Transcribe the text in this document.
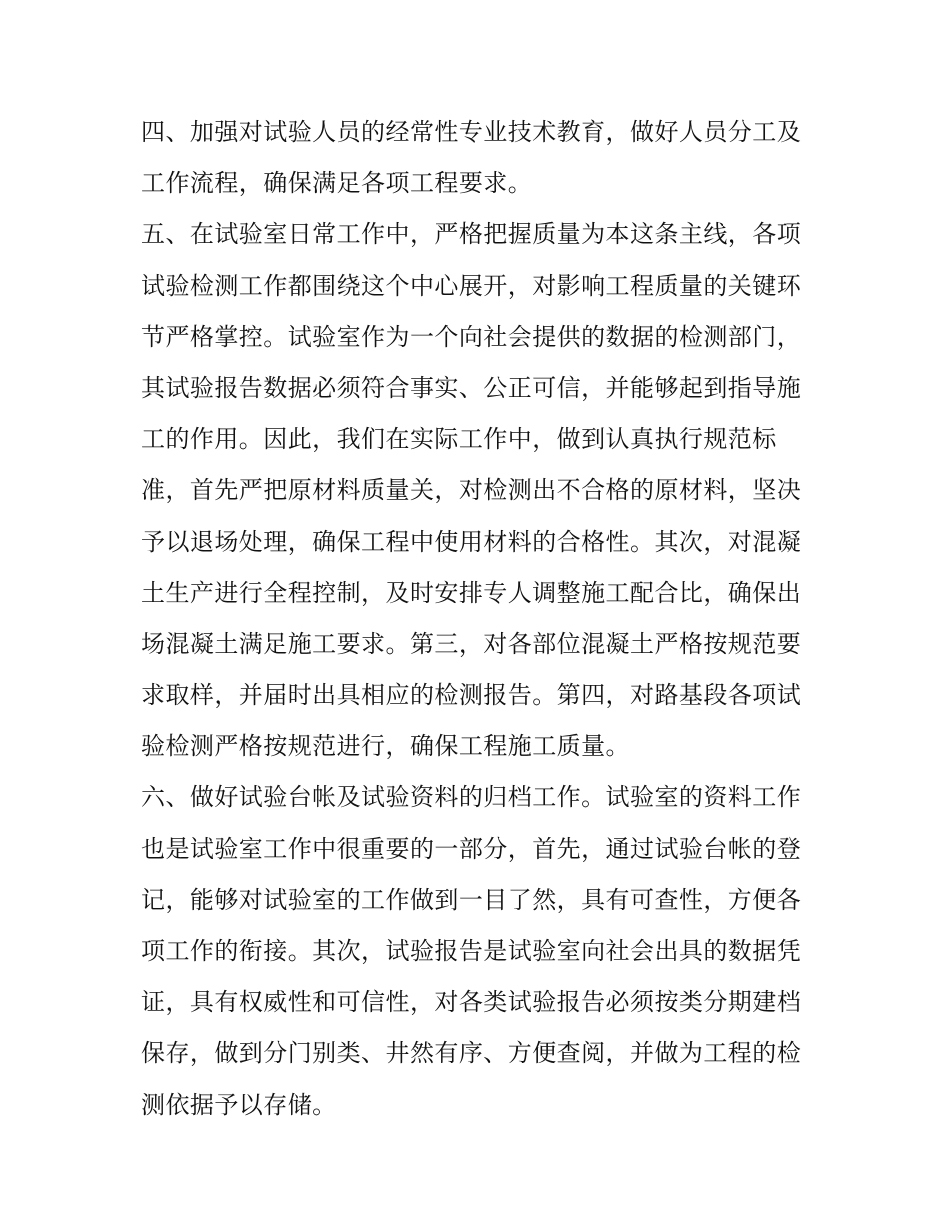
四、加强对试验人员的经常性专业技术教育，做好人员分工及
工作流程，确保满足各项工程要求。
五、在试验室日常工作中，严格把握质量为本这条主线，各项
试验检测工作都围绕这个中心展开，对影响工程质量的关键环
节严格掌控。试验室作为一个向社会提供的数据的检测部门，
其试验报告数据必须符合事实、公正可信，并能够起到指导施
工的作用。因此，我们在实际工作中，做到认真执行规范标
准，首先严把原材料质量关，对检测出不合格的原材料，坚决
予以退场处理，确保工程中使用材料的合格性。其次，对混凝
土生产进行全程控制，及时安排专人调整施工配合比，确保出
场混凝土满足施工要求。第三，对各部位混凝土严格按规范要
求取样，并届时出具相应的检测报告。第四，对路基段各项试
验检测严格按规范进行，确保工程施工质量。
六、做好试验台帐及试验资料的归档工作。试验室的资料工作
也是试验室工作中很重要的一部分，首先，通过试验台帐的登
记，能够对试验室的工作做到一目了然，具有可查性，方便各
项工作的衔接。其次，试验报告是试验室向社会出具的数据凭
证，具有权威性和可信性，对各类试验报告必须按类分期建档
保存，做到分门别类、井然有序、方便查阅，并做为工程的检
测依据予以存储。
